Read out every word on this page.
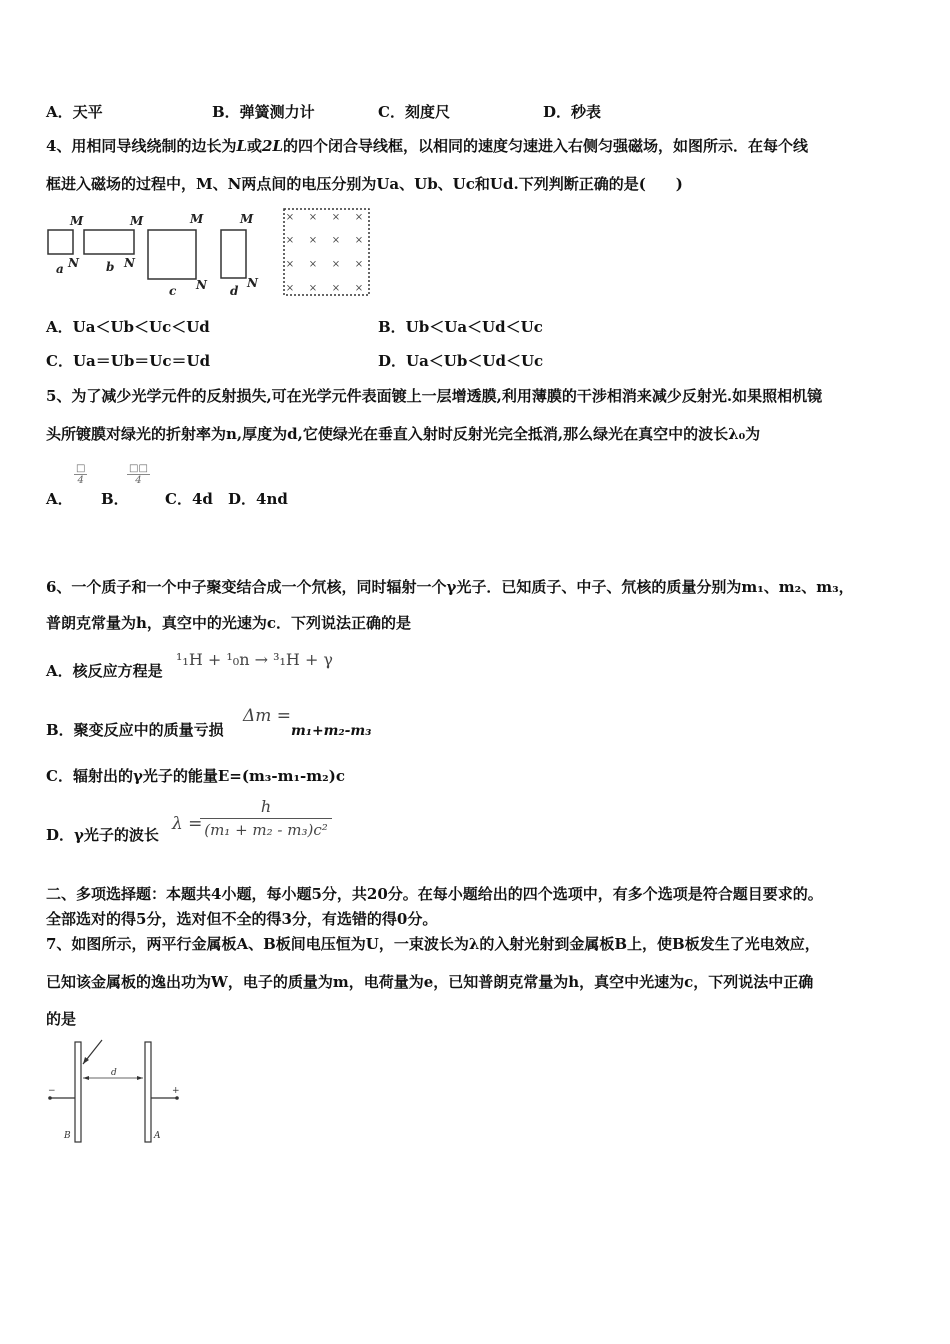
A．天平	B．弹簧测力计	C．刻度尺	D．秒表
4、用相同导线绕制的边长为L或2L的四个闭合导线框，以相同的速度匀速进入右侧匀强磁场，如图所示．在每个线
框进入磁场的过程中，M、N两点间的电压分别为Ua、Ub、Uc和Ud.下列判断正确的是(　　)
M
N
a
M
N
b
M
N
c
M
N
d
× × × ×
× × × ×
× × × ×
× × × ×
A．Ua＜Ub＜Uc＜Ud	B．Ub＜Ua＜Ud＜Uc
C．Ua＝Ub＝Uc＝Ud	D．Ua＜Ub＜Ud＜Uc
5、为了减少光学元件的反射损失,可在光学元件表面镀上一层增透膜,利用薄膜的干涉相消来减少反射光.如果照相机镜
头所镀膜对绿光的折射率为n,厚度为d,它使绿光在垂直入射时反射光完全抵消,那么绿光在真空中的波长λ₀为
A．
□
4
B．
□□
4
C．4d D．4nd
6、一个质子和一个中子聚变结合成一个氘核，同时辐射一个γ光子．已知质子、中子、氘核的质量分别为m₁、m₂、m₃，
普朗克常量为h，真空中的光速为c．下列说法正确的是
A．核反应方程是
¹₁H + ¹₀n → ³₁H + γ
B．聚变反应中的质量亏损
Δm =
m₁+m₂-m₃
C．辐射出的γ光子的能量E=(m₃-m₁-m₂)c
D．γ光子的波长
λ =
$\frac{h}{\text{(m₁ + m₂ - m₃)c²}}$
二、多项选择题：本题共4小题，每小题5分，共20分。在每小题给出的四个选项中，有多个选项是符合题目要求的。
全部选对的得5分，选对但不全的得3分，有选错的得0分。
7、如图所示，两平行金属板A、B板间电压恒为U，一束波长为λ的入射光射到金属板B上，使B板发生了光电效应，
已知该金属板的逸出功为W，电子的质量为m，电荷量为e，已知普朗克常量为h，真空中光速为c，下列说法中正确
的是
−	+
d
B	A
